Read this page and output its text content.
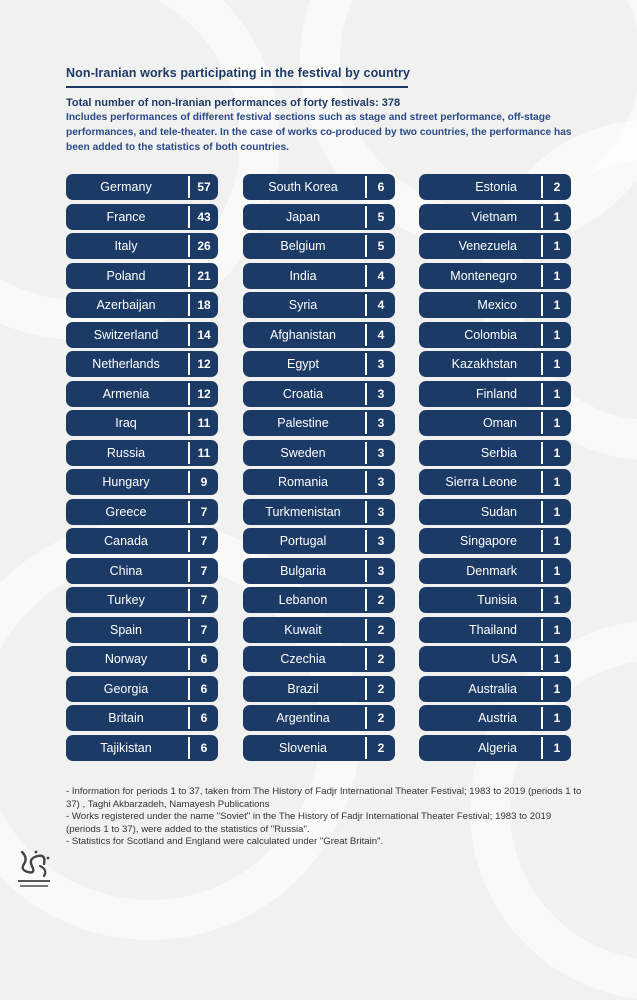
Non-Iranian works participating in the festival by country
Total number of non-Iranian performances of forty festivals: 378

Includes performances of different festival sections such as stage and street performance, off-stage performances, and tele-theater. In the case of works co-produced by two countries, the performance has been added to the statistics of both countries.

Germany	57
France	43
Italy	26
Poland	21
Azerbaijan	18
Switzerland	14
Netherlands	12
Armenia	12
Iraq	11
Russia	11
Hungary	9
Greece	7
Canada	7
China	7
Turkey	7
Spain	7
Norway	6
Georgia	6
Britain	6
Tajikistan	6
South Korea	6
Japan	5
Belgium	5
India	4
Syria	4
Afghanistan	4
Egypt	3
Croatia	3
Palestine	3
Sweden	3
Romania	3
Turkmenistan	3
Portugal	3
Bulgaria	3
Lebanon	2
Kuwait	2
Czechia	2
Brazil	2
Argentina	2
Slovenia	2
Estonia	2
Vietnam	1
Venezuela	1
Montenegro	1
Mexico	1
Colombia	1
Kazakhstan	1
Finland	1
Oman	1
Serbia	1
Sierra Leone	1
Sudan	1
Singapore	1
Denmark	1
Tunisia	1
Thailand	1
USA	1
Australia	1
Austria	1
Algeria	1

- Information for periods 1 to 37, taken from The History of Fadjr International Theater Festival; 1983 to 2019 (periods 1 to 37) , Taghi Akbarzadeh, Namayesh Publications

- Works registered under the name "Soviet" in the The History of Fadjr International Theater Festival; 1983 to 2019 (periods 1 to 37), were added to the statistics of "Russia".

- Statistics for Scotland and England were calculated under "Great Britain".
